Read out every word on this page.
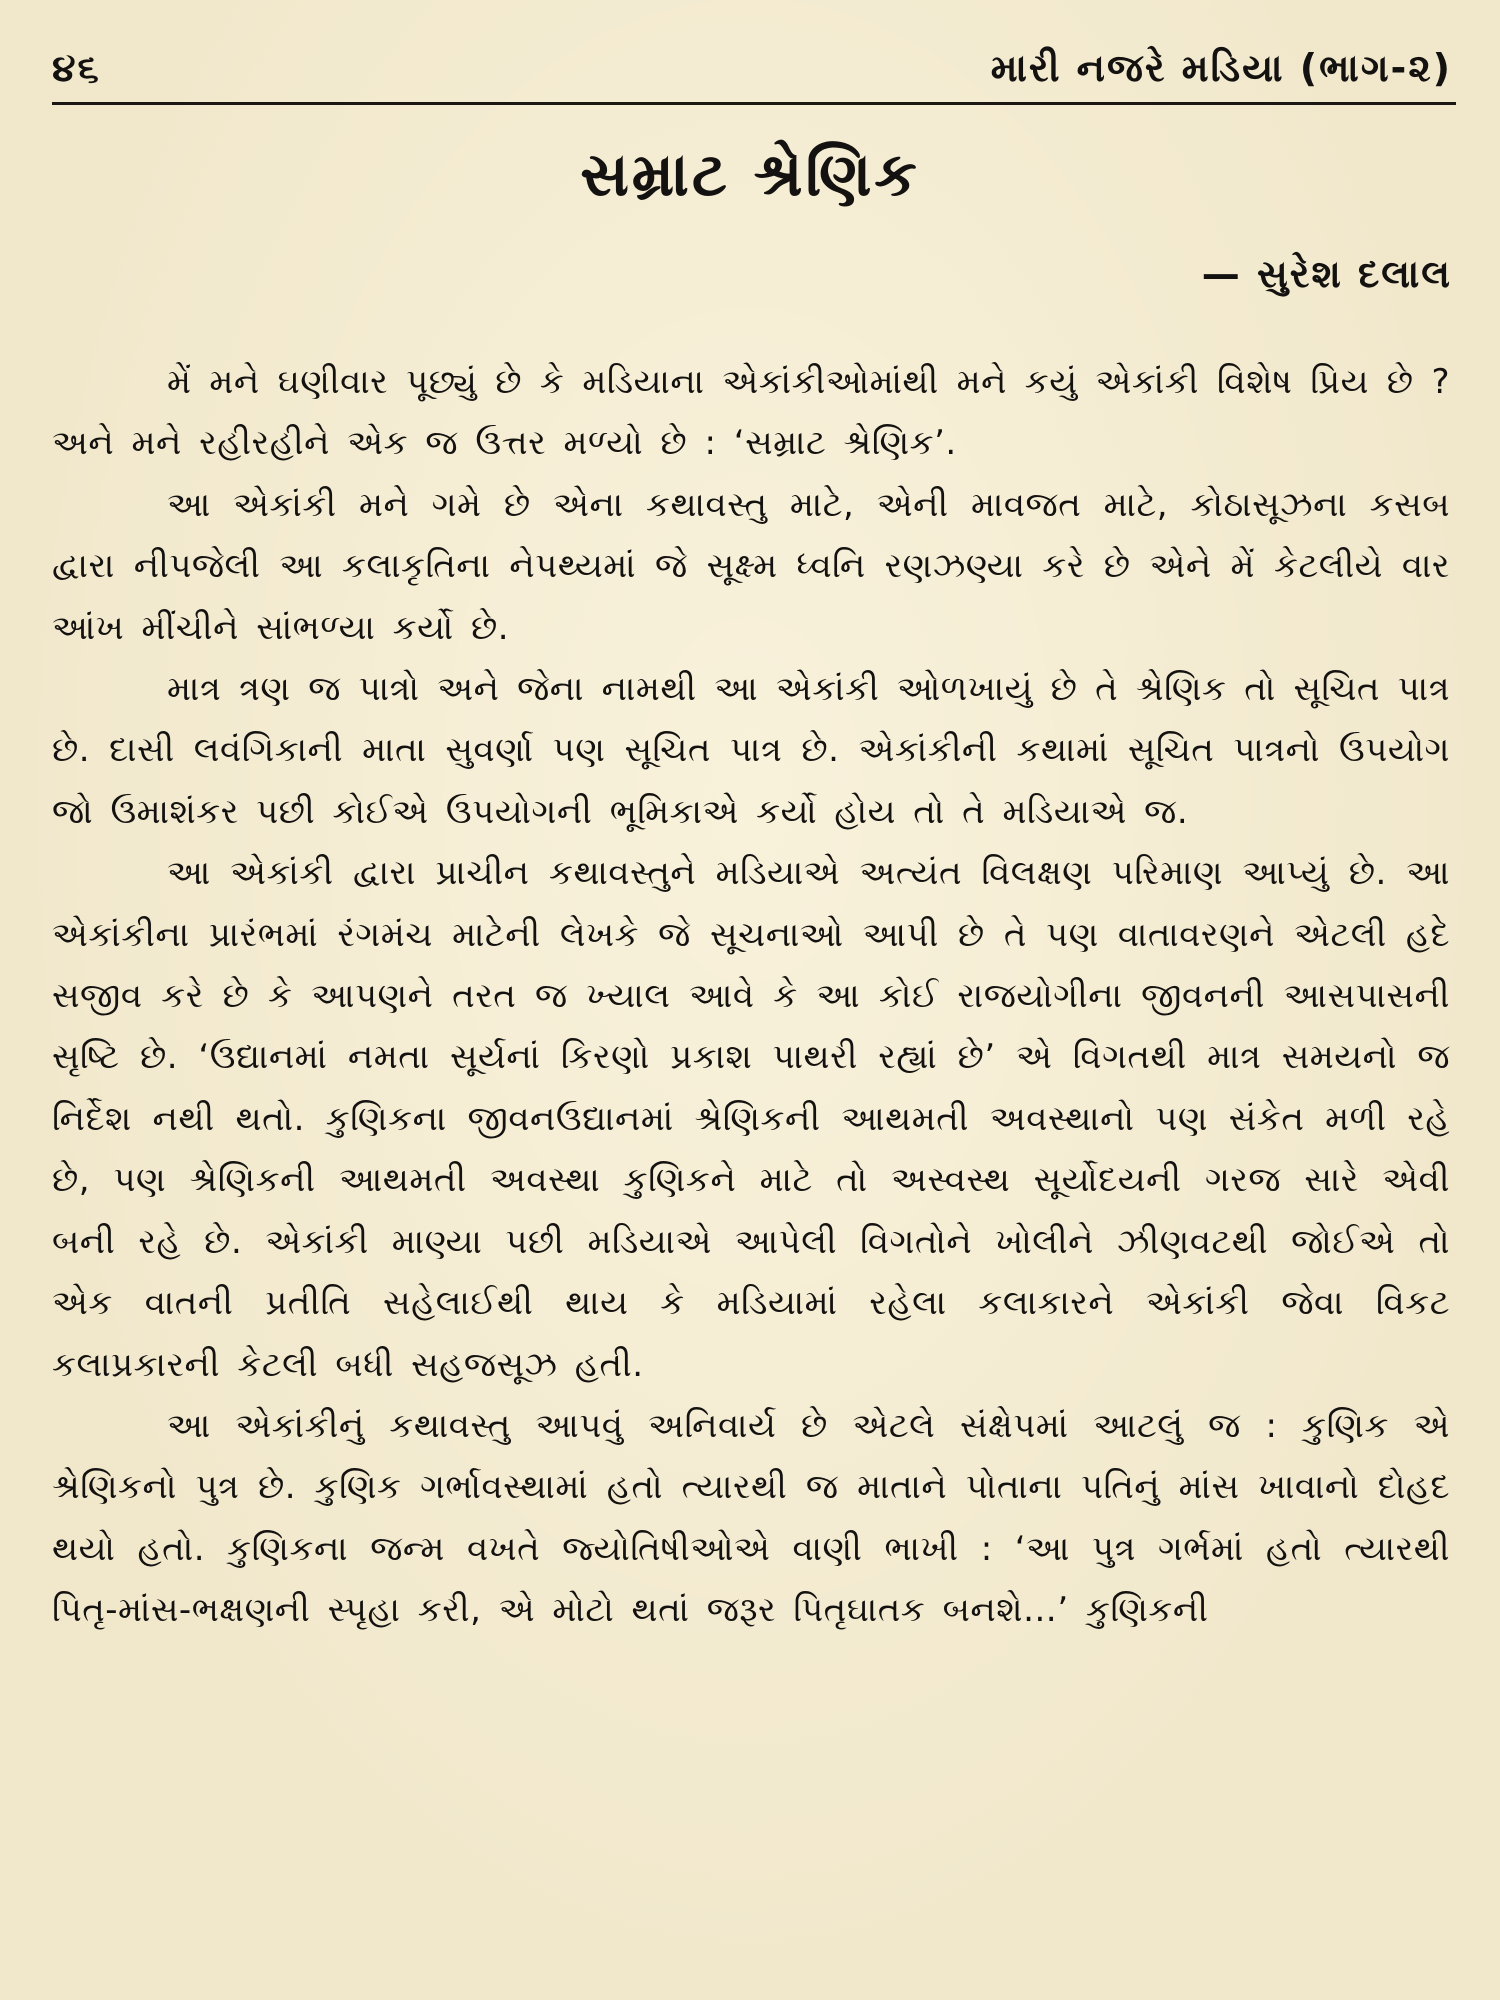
૪૬	મારી નજરે મડિયા (ભાગ-૨)
સમ્રાટ શ્રેણિક
— સુરેશ દલાલ

મેં મને ઘણીવાર પૂછ્યું છે કે મડિયાના એકાંકીઓમાંથી મને કયું એકાંકી વિશેષ પ્રિય છે ? અને મને રહીરહીને એક જ ઉત્તર મળ્યો છે : ‘સમ્રાટ શ્રેણિક’.

આ એકાંકી મને ગમે છે એના કથાવસ્તુ માટે, એની માવજત માટે, કોઠાસૂઝના કસબ દ્વારા નીપજેલી આ કલાકૃતિના નેપથ્યમાં જે સૂક્ષ્મ ધ્વનિ રણઝણ્યા કરે છે એને મેં કેટલીયે વાર આંખ મીંચીને સાંભળ્યા કર્યો છે.

માત્ર ત્રણ જ પાત્રો અને જેના નામથી આ એકાંકી ઓળખાયું છે તે શ્રેણિક તો સૂચિત પાત્ર છે. દાસી લવંગિકાની માતા સુવર્ણા પણ સૂચિત પાત્ર છે. એકાંકીની કથામાં સૂચિત પાત્રનો ઉપયોગ જો ઉમાશંકર પછી કોઈએ ઉપયોગની ભૂમિકાએ કર્યો હોય તો તે મડિયાએ જ.

આ એકાંકી દ્વારા પ્રાચીન કથાવસ્તુને મડિયાએ અત્યંત વિલક્ષણ પરિમાણ આપ્યું છે. આ એકાંકીના પ્રારંભમાં રંગમંચ માટેની લેખકે જે સૂચનાઓ આપી છે તે પણ વાતાવરણને એટલી હદે સજીવ કરે છે કે આપણને તરત જ ખ્યાલ આવે કે આ કોઈ રાજયોગીના જીવનની આસપાસની સૃષ્ટિ છે. ‘ઉદ્યાનમાં નમતા સૂર્યનાં કિરણો પ્રકાશ પાથરી રહ્યાં છે’ એ વિગતથી માત્ર સમયનો જ નિર્દેશ નથી થતો. કુણિકના જીવનઉદ્યાનમાં શ્રેણિકની આથમતી અવસ્થાનો પણ સંકેત મળી રહે છે, પણ શ્રેણિકની આથમતી અવસ્થા કુણિકને માટે તો અસ્વસ્થ સૂર્યોદયની ગરજ સારે એવી બની રહે છે. એકાંકી માણ્યા પછી મડિયાએ આપેલી વિગતોને ખોલીને ઝીણવટથી જોઈએ તો એક વાતની પ્રતીતિ સહેલાઈથી થાય કે મડિયામાં રહેલા કલાકારને એકાંકી જેવા વિકટ કલાપ્રકારની કેટલી બધી સહજસૂઝ હતી.

આ એકાંકીનું કથાવસ્તુ આપવું અનિવાર્ય છે એટલે સંક્ષેપમાં આટલું જ : કુણિક એ શ્રેણિકનો પુત્ર છે. કુણિક ગર્ભાવસ્થામાં હતો ત્યારથી જ માતાને પોતાના પતિનું માંસ ખાવાનો દોહદ થયો હતો. કુણિકના જન્મ વખતે જ્યોતિષીઓએ વાણી ભાખી : ‘આ પુત્ર ગર્ભમાં હતો ત્યારથી પિતૃ-માંસ-ભક્ષણની સ્પૃહા કરી, એ મોટો થતાં જરૂર પિતૃઘાતક બનશે…’ કુણિકની
